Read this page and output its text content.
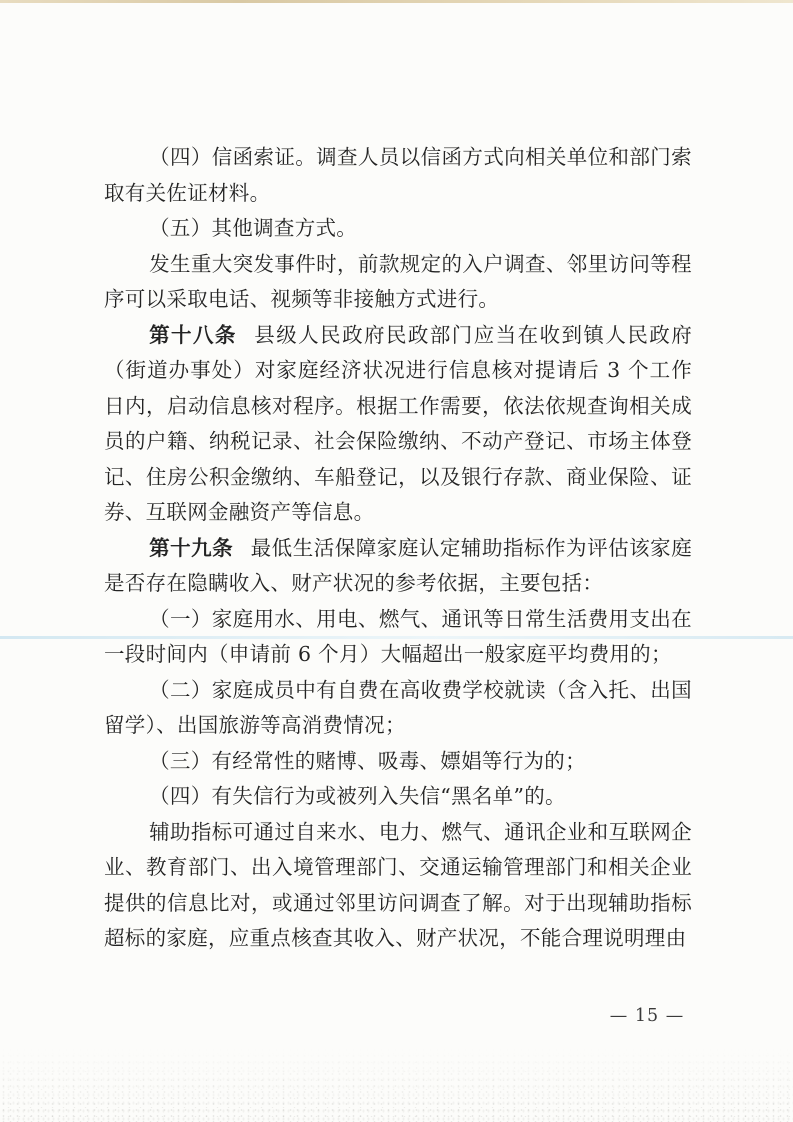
（四）信函索证。调查人员以信函方式向相关单位和部门索取有关佐证材料。

（五）其他调查方式。

发生重大突发事件时，前款规定的入户调查、邻里访问等程序可以采取电话、视频等非接触方式进行。

第十八条 县级人民政府民政部门应当在收到镇人民政府（街道办事处）对家庭经济状况进行信息核对提请后 3 个工作日内，启动信息核对程序。根据工作需要，依法依规查询相关成员的户籍、纳税记录、社会保险缴纳、不动产登记、市场主体登记、住房公积金缴纳、车船登记，以及银行存款、商业保险、证券、互联网金融资产等信息。

第十九条 最低生活保障家庭认定辅助指标作为评估该家庭是否存在隐瞒收入、财产状况的参考依据，主要包括：

（一）家庭用水、用电、燃气、通讯等日常生活费用支出在一段时间内（申请前 6 个月）大幅超出一般家庭平均费用的；

（二）家庭成员中有自费在高收费学校就读（含入托、出国留学）、出国旅游等高消费情况；

（三）有经常性的赌博、吸毒、嫖娼等行为的；

（四）有失信行为或被列入失信“黑名单”的。

辅助指标可通过自来水、电力、燃气、通讯企业和互联网企业、教育部门、出入境管理部门、交通运输管理部门和相关企业提供的信息比对，或通过邻里访问调查了解。对于出现辅助指标超标的家庭，应重点核查其收入、财产状况，不能合理说明理由

— 15 —
